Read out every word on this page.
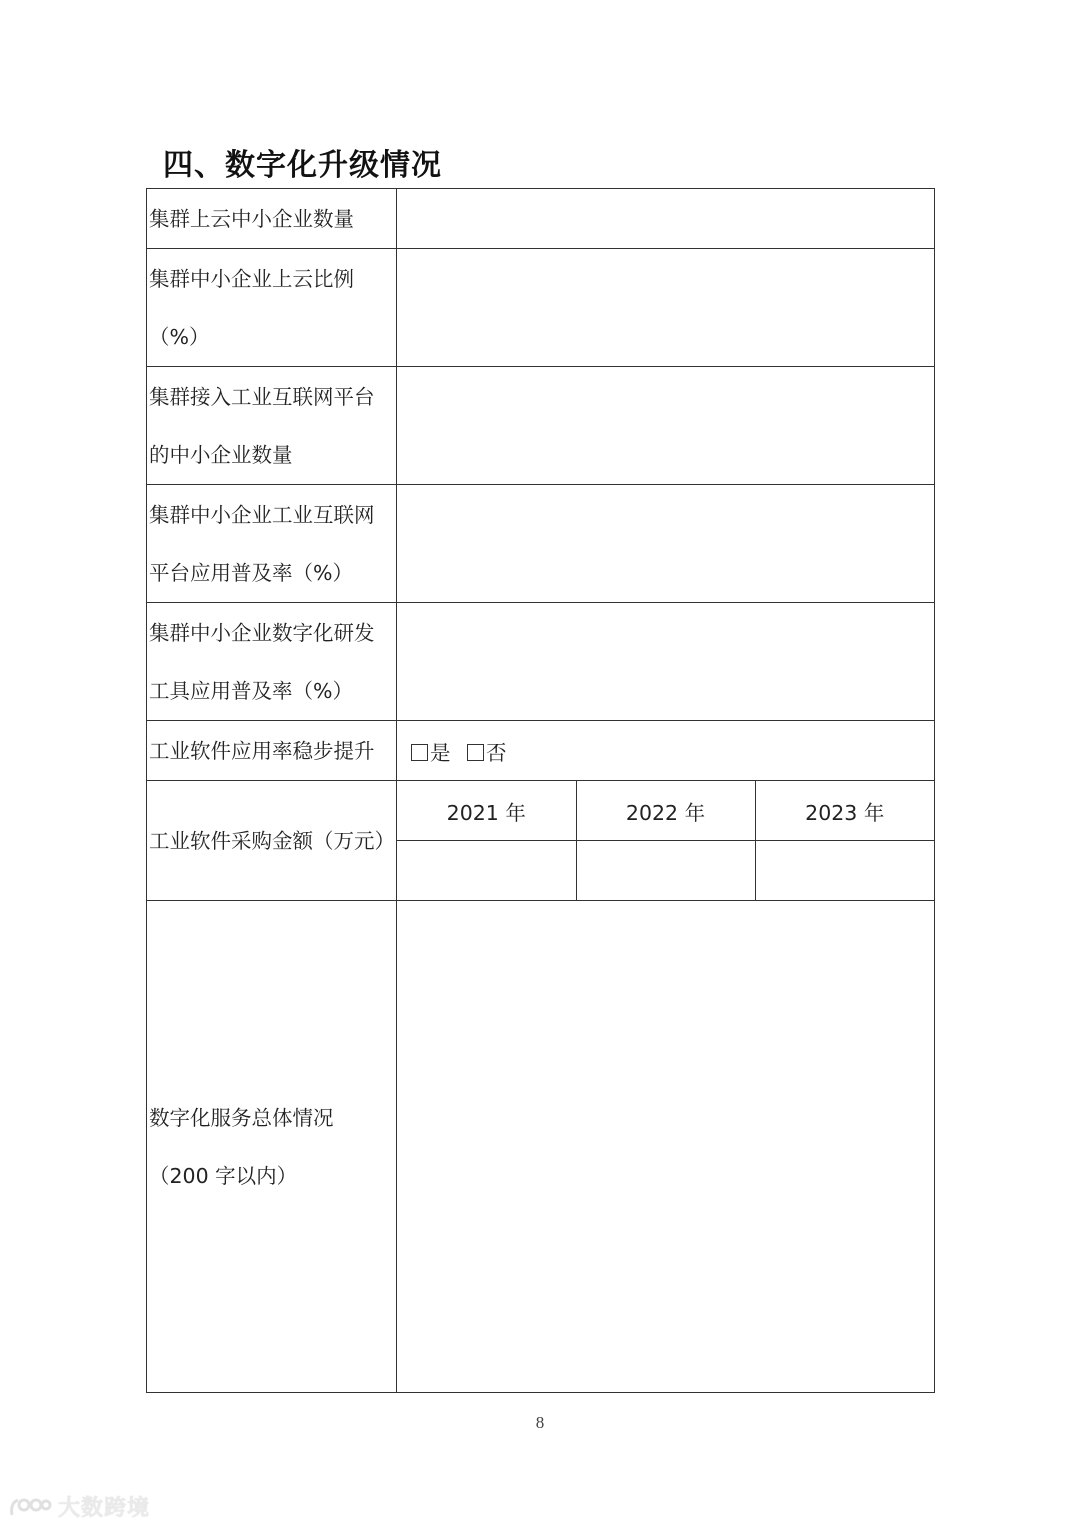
四、数字化升级情况
集群上云中小企业数量

集群中小企业上云比例
（%）

集群接入工业互联网平台
的中小企业数量

集群中小企业工业互联网
平台应用普及率（%）

集群中小企业数字化研发
工具应用普及率（%）

工业软件应用率稳步提升	是 否
工业软件采购金额（万元）	
2021 年	2022 年	2023 年

数字化服务总体情况
（200 字以内）

8
大数跨境
